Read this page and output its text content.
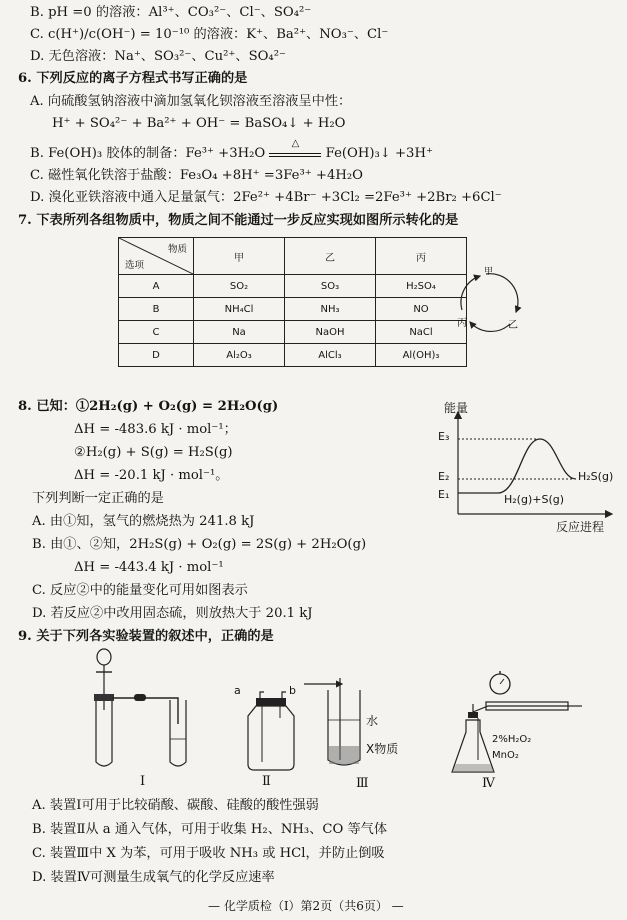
B. pH =0 的溶液：Al³⁺、CO₃²⁻、Cl⁻、SO₄²⁻
C. c(H⁺)/c(OH⁻) = 10⁻¹⁰ 的溶液：K⁺、Ba²⁺、NO₃⁻、Cl⁻
D. 无色溶液：Na⁺、SO₃²⁻、Cu²⁺、SO₄²⁻
6. 下列反应的离子方程式书写正确的是
A. 向硫酸氢钠溶液中滴加氢氧化钡溶液至溶液呈中性：
H⁺ + SO₄²⁻ + Ba²⁺ + OH⁻ = BaSO₄↓ + H₂O
B. Fe(OH)₃ 胶体的制备：Fe³⁺ +3H₂O
△
Fe(OH)₃↓ +3H⁺
C. 磁性氧化铁溶于盐酸：Fe₃O₄ +8H⁺ =3Fe³⁺ +4H₂O
D. 溴化亚铁溶液中通入足量氯气：2Fe²⁺ +4Br⁻ +3Cl₂ =2Fe³⁺ +2Br₂ +6Cl⁻
7. 下表所列各组物质中，物质之间不能通过一步反应实现如图所示转化的是
物质
选项	甲	乙	丙
A	SO₂	SO₃	H₂SO₄
B	NH₄Cl	NH₃	NO
C	Na	NaOH	NaCl
D	Al₂O₃	AlCl₃	Al(OH)₃
甲
乙
丙
8. 已知：①2H₂(g) + O₂(g) = 2H₂O(g)
ΔH = -483.6 kJ · mol⁻¹；
②H₂(g) + S(g) = H₂S(g)
ΔH = -20.1 kJ · mol⁻¹。
下列判断一定正确的是
A. 由①知，氢气的燃烧热为 241.8 kJ
B. 由①、②知，2H₂S(g) + O₂(g) = 2S(g) + 2H₂O(g)
ΔH = -443.4 kJ · mol⁻¹
C. 反应②中的能量变化可用如图表示
D. 若反应②中改用固态硫，则放热大于 20.1 kJ
能量
E₃
E₂
E₁
H₂S(g)
H₂(g)+S(g)
反应进程
9. 关于下列各实验装置的叙述中，正确的是
Ⅰ
a	b
Ⅱ
水
X物质
Ⅲ
2%H₂O₂
MnO₂
Ⅳ
A. 装置Ⅰ可用于比较硝酸、碳酸、硅酸的酸性强弱
B. 装置Ⅱ从 a 通入气体，可用于收集 H₂、NH₃、CO 等气体
C. 装置Ⅲ中 X 为苯，可用于吸收 NH₃ 或 HCl，并防止倒吸
D. 装置Ⅳ可测量生成氧气的化学反应速率
— 化学质检（Ⅰ）第2页（共6页） —
